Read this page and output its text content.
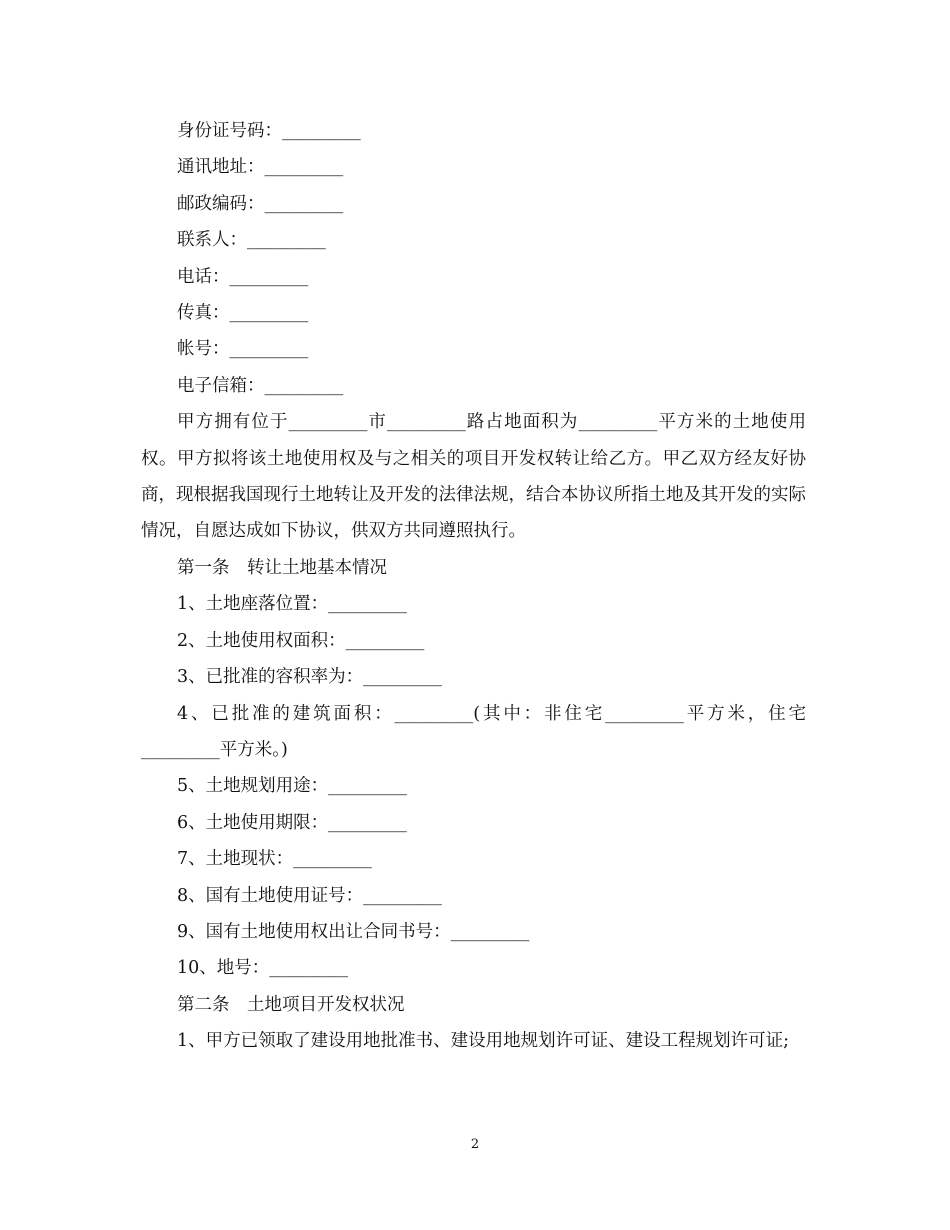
身份证号码：_________

通讯地址：_________

邮政编码：_________

联系人：_________

电话：_________

传真：_________

帐号：_________

电子信箱：_________

甲方拥有位于_________市_________路占地面积为_________平方米的土地使用权。甲方拟将该土地使用权及与之相关的项目开发权转让给乙方。甲乙双方经友好协商，现根据我国现行土地转让及开发的法律法规，结合本协议所指土地及其开发的实际情况，自愿达成如下协议，供双方共同遵照执行。

第一条　转让土地基本情况

1、土地座落位置：_________

2、土地使用权面积：_________

3、已批准的容积率为：_________

4、已批准的建筑面积：_________(其中：非住宅_________平方米，住宅_________平方米。)

5、土地规划用途：_________

6、土地使用期限：_________

7、土地现状：_________

8、国有土地使用证号：_________

9、国有土地使用权出让合同书号：_________

10、地号：_________

第二条　土地项目开发权状况

1、甲方已领取了建设用地批准书、建设用地规划许可证、建设工程规划许可证;

2
